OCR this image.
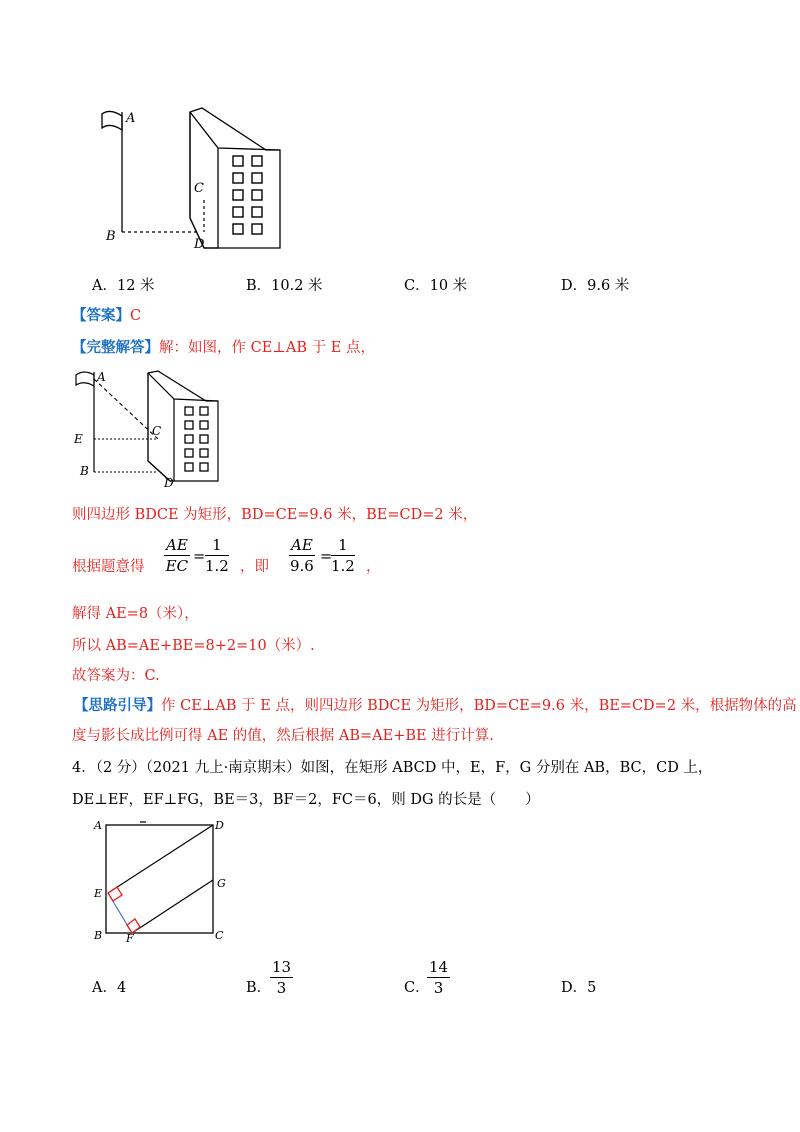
A
B
C
D
A．12 米	B．10.2 米	C．10 米	D．9.6 米
【答案】C
【完整解答】解：如图，作 CE⊥AB 于 E 点，
A
E
B
C
D
则四边形 BDCE 为矩形，BD=CE=9.6 米，BE=CD=2 米，
根据题意得 $\frac{AE}{EC} = \frac{1}{1.2}$ ，即 $\frac{AE}{9.6}$ =
$\frac{1}{1.2}$ ，
解得 AE=8（米），
所以 AB=AE+BE=8+2=10（米）.
故答案为：C.
【思路引导】作 CE⊥AB 于 E 点，则四边形 BDCE 为矩形，BD=CE=9.6 米，BE=CD=2 米，根据物体的高
度与影长成比例可得 AE 的值，然后根据 AB=AE+BE 进行计算.
4．（2 分）（2021 九上·南京期末）如图，在矩形 ABCD 中，E，F，G 分别在 AB，BC，CD 上，
DE⊥EF，EF⊥FG，BE＝3，BF＝2，FC＝6，则 DG 的长是（　　）
A	D
E
G
B F	C
A．4	B．
$\frac{13}{3}$	C．
$\frac{14}{3}$	D．5
